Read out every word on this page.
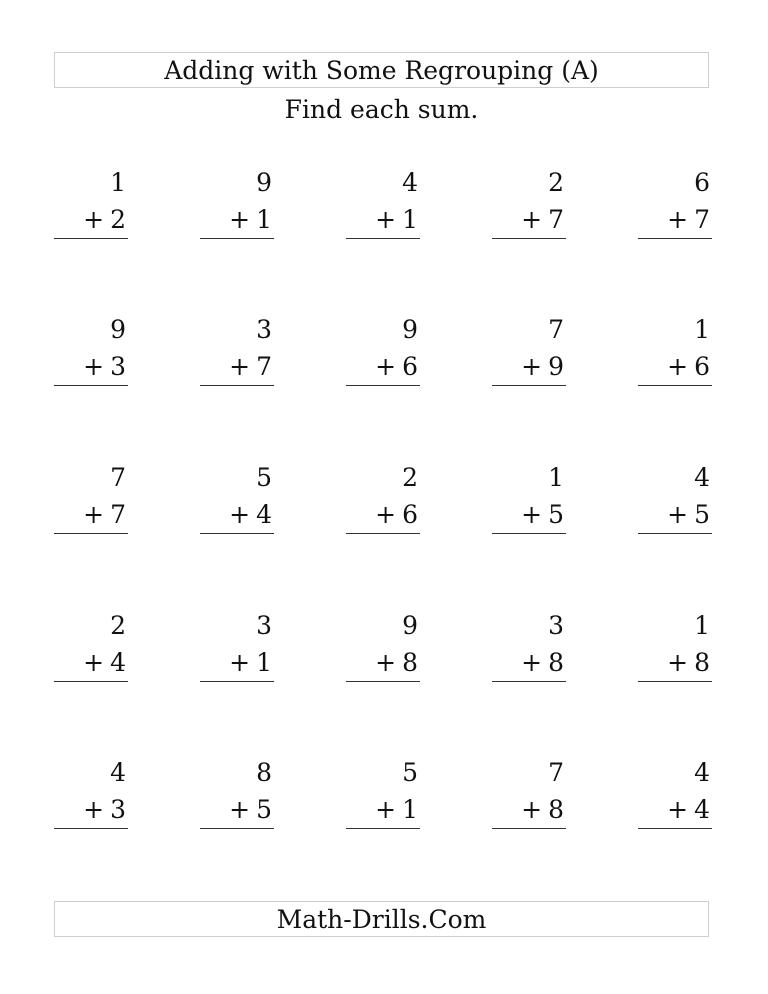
Adding with Some Regrouping (A)
Find each sum.
1
+ 2
9
+ 1
4
+ 1
2
+ 7
6
+ 7
9
+ 3
3
+ 7
9
+ 6
7
+ 9
1
+ 6
7
+ 7
5
+ 4
2
+ 6
1
+ 5
4
+ 5
2
+ 4
3
+ 1
9
+ 8
3
+ 8
1
+ 8
4
+ 3
8
+ 5
5
+ 1
7
+ 8
4
+ 4
Math-Drills.Com
